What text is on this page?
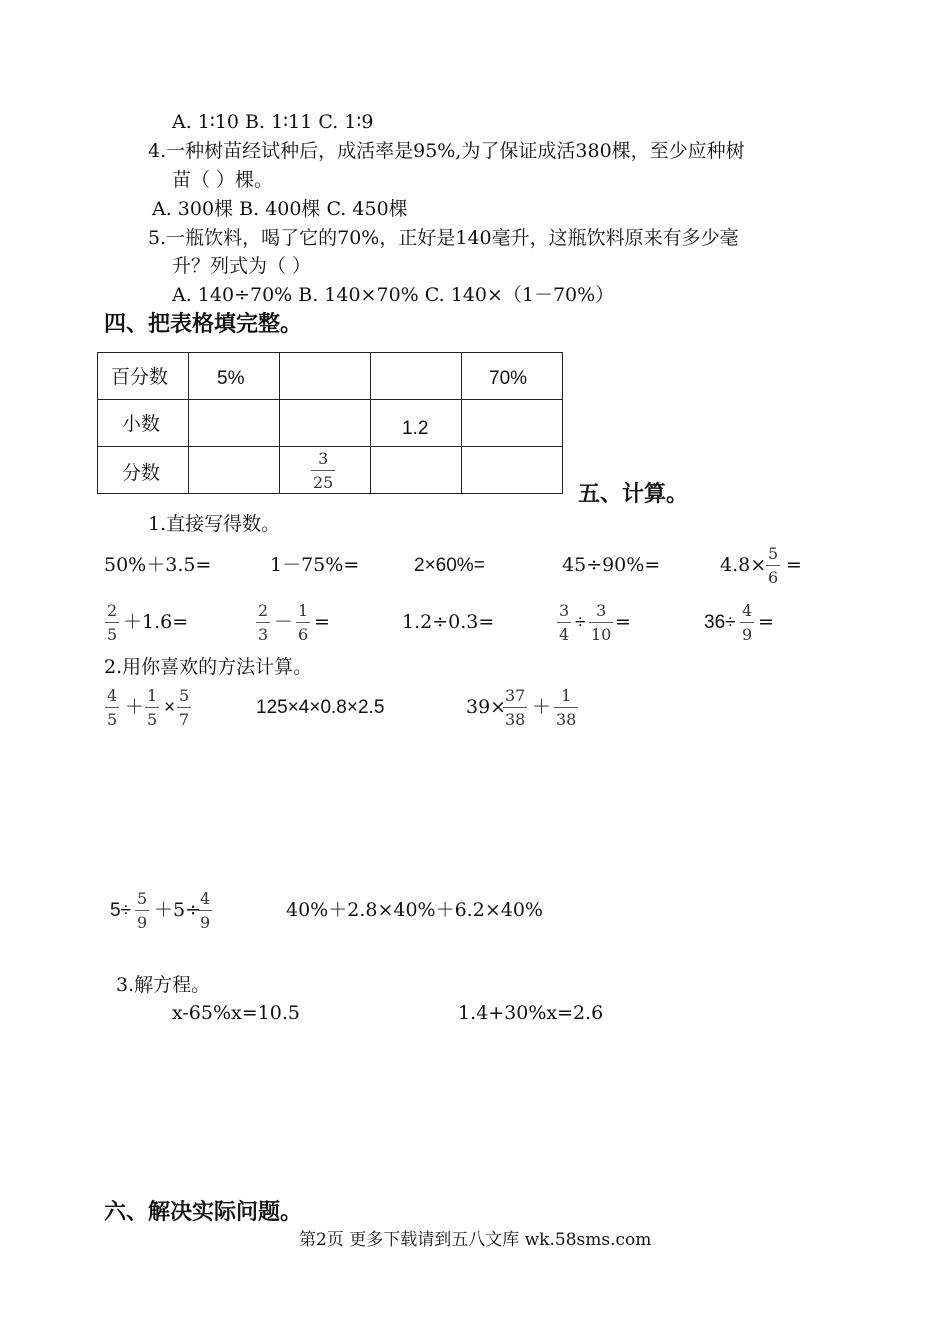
A. 1∶10 B. 1∶11 C. 1∶9
4.一种树苗经试种后，成活率是95%,为了保证成活380棵，至少应种树
苗（ ）棵。
A. 300棵 B. 400棵 C. 450棵
5.一瓶饮料，喝了它的70%，正好是140毫升，这瓶饮料原来有多少毫
升？列式为（ ）
A. 140÷70% B. 140×70% C. 140×（1－70%）
四、把表格填完整。
百分数	5%			70%

小数			1.2	

分数		3
25		
			五、计算。
1.直接写得数。
50%＋3.5=	1－75%=	2×60%=	45÷90%=	4.8×
5
6
=
2
5
＋1.6=
2
3
－
1
6
=	1.2÷0.3=
3
4
÷
3
10
=	36÷
4
9
=
2.用你喜欢的方法计算。
4
5
＋
1
5
×
5
7
125×4×0.8×2.5	39×
37
38
＋
1
38
5÷
5
9
＋5÷
4
9
40%＋2.8×40%＋6.2×40%
3.解方程。
x-65%x=10.5	1.4+30%x=2.6
六、解决实际问题。
第2页 更多下载请到五八文库 wk.58sms.com
